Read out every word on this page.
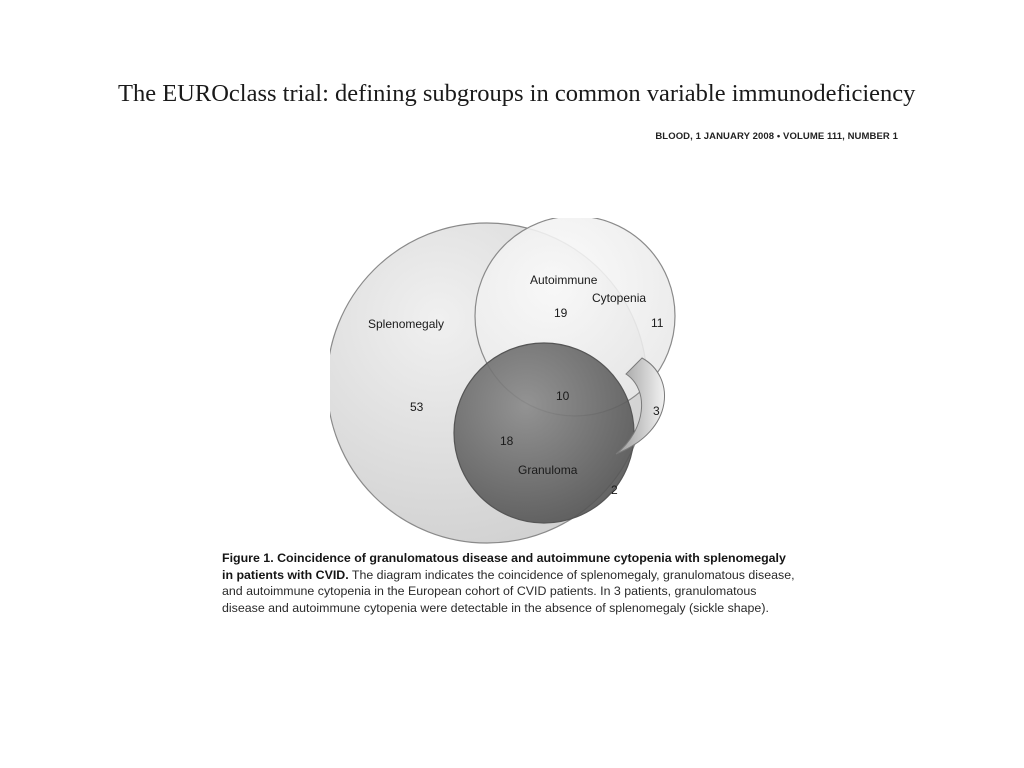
The EUROclass trial: defining subgroups in common variable immunodeficiency
BLOOD, 1 JANUARY 2008 • VOLUME 111, NUMBER 1
Splenomegaly
Autoimmune
Cytopenia
Granuloma
53
19
11
10
18
3
2

Figure 1. Coincidence of granulomatous disease and autoimmune cytopenia with splenomegaly in patients with CVID. The diagram indicates the coincidence of splenomegaly, granulomatous disease, and autoimmune cytopenia in the European cohort of CVID patients. In 3 patients, granulomatous disease and autoimmune cytopenia were detectable in the absence of splenomegaly (sickle shape).
